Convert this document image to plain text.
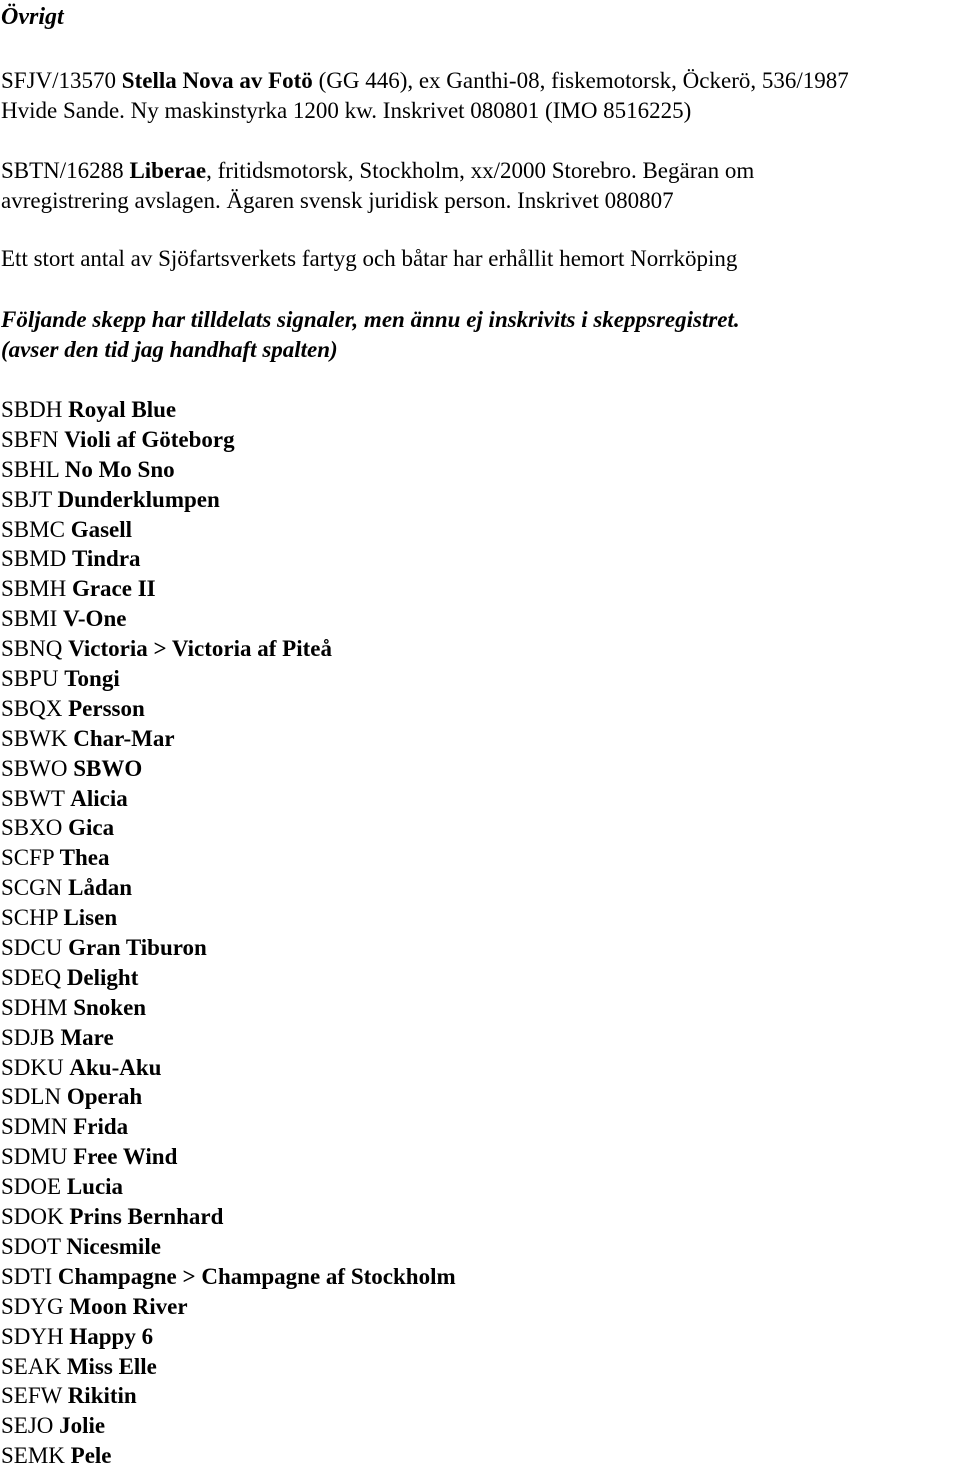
Övrigt

SFJV/13570 Stella Nova av Fotö (GG 446), ex Ganthi-08, fiskemotorsk, Öckerö, 536/1987
Hvide Sande. Ny maskinstyrka 1200 kw. Inskrivet 080801 (IMO 8516225)

SBTN/16288 Liberae, fritidsmotorsk, Stockholm, xx/2000 Storebro. Begäran om
avregistrering avslagen. Ägaren svensk juridisk person. Inskrivet 080807

Ett stort antal av Sjöfartsverkets fartyg och båtar har erhållit hemort Norrköping

Följande skepp har tilldelats signaler, men ännu ej inskrivits i skeppsregistret.
(avser den tid jag handhaft spalten)

SBDH Royal Blue
SBFN Violi af Göteborg
SBHL No Mo Sno
SBJT Dunderklumpen
SBMC Gasell
SBMD Tindra
SBMH Grace II
SBMI V-One
SBNQ Victoria > Victoria af Piteå
SBPU Tongi
SBQX Persson
SBWK Char-Mar
SBWO SBWO
SBWT Alicia
SBXO Gica
SCFP Thea
SCGN Lådan
SCHP Lisen
SDCU Gran Tiburon
SDEQ Delight
SDHM Snoken
SDJB Mare
SDKU Aku-Aku
SDLN Operah
SDMN Frida
SDMU Free Wind
SDOE Lucia
SDOK Prins Bernhard
SDOT Nicesmile
SDTI Champagne > Champagne af Stockholm
SDYG Moon River
SDYH Happy 6
SEAK Miss Elle
SEFW Rikitin
SEJO Jolie
SEMK Pele
